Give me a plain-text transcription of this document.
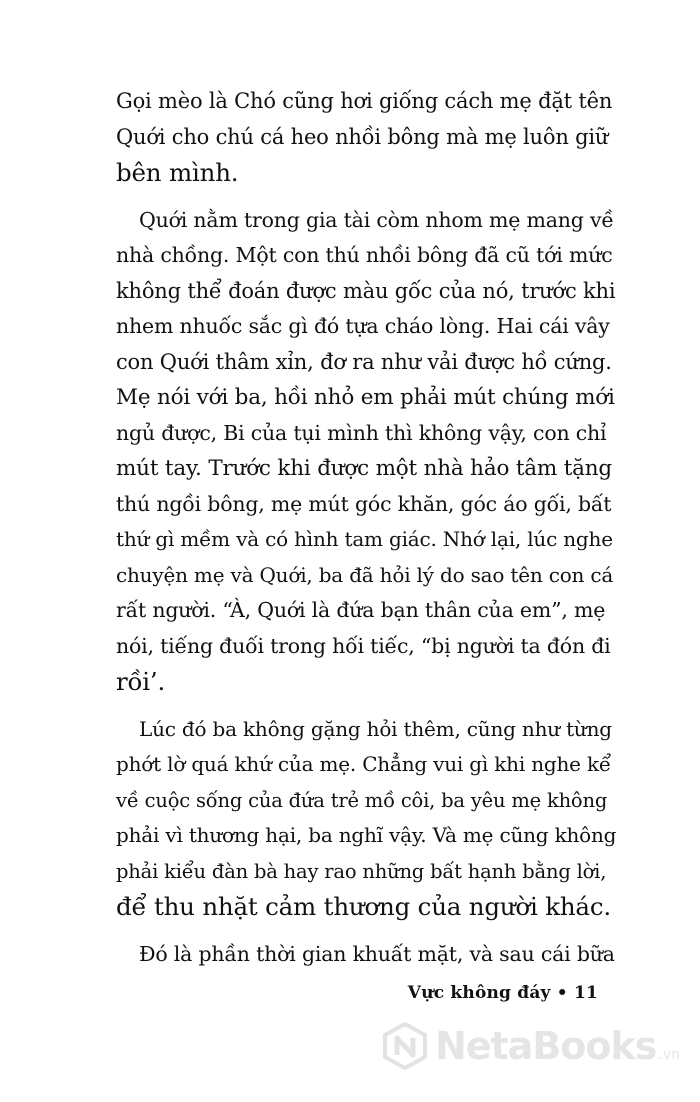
Gọi mèo là Chó cũng hơi giống cách mẹ đặt tên
Quới cho chú cá heo nhồi bông mà mẹ luôn giữ
bên mình.
Quới nằm trong gia tài còm nhom mẹ mang về
nhà chồng. Một con thú nhồi bông đã cũ tới mức
không thể đoán được màu gốc của nó, trước khi
nhem nhuốc sắc gì đó tựa cháo lòng. Hai cái vây
con Quới thâm xỉn, đơ ra như vải được hồ cứng.
Mẹ nói với ba, hồi nhỏ em phải mút chúng mới
ngủ được, Bi của tụi mình thì không vậy, con chỉ
mút tay. Trước khi được một nhà hảo tâm tặng
thú ngồi bông, mẹ mút góc khăn, góc áo gối, bất
thứ gì mềm và có hình tam giác. Nhớ lại, lúc nghe
chuyện mẹ và Quới, ba đã hỏi lý do sao tên con cá
rất người. “À, Quới là đứa bạn thân của em”, mẹ
nói, tiếng đuối trong hối tiếc, “bị người ta đón đi
rồi’.
Lúc đó ba không gặng hỏi thêm, cũng như từng
phớt lờ quá khứ của mẹ. Chẳng vui gì khi nghe kể
về cuộc sống của đứa trẻ mồ côi, ba yêu mẹ không
phải vì thương hại, ba nghĩ vậy. Và mẹ cũng không
phải kiểu đàn bà hay rao những bất hạnh bằng lời,
để thu nhặt cảm thương của người khác.
Đó là phần thời gian khuất mặt, và sau cái bữa
Vực không đáy • 11
NetaBooks .vn
